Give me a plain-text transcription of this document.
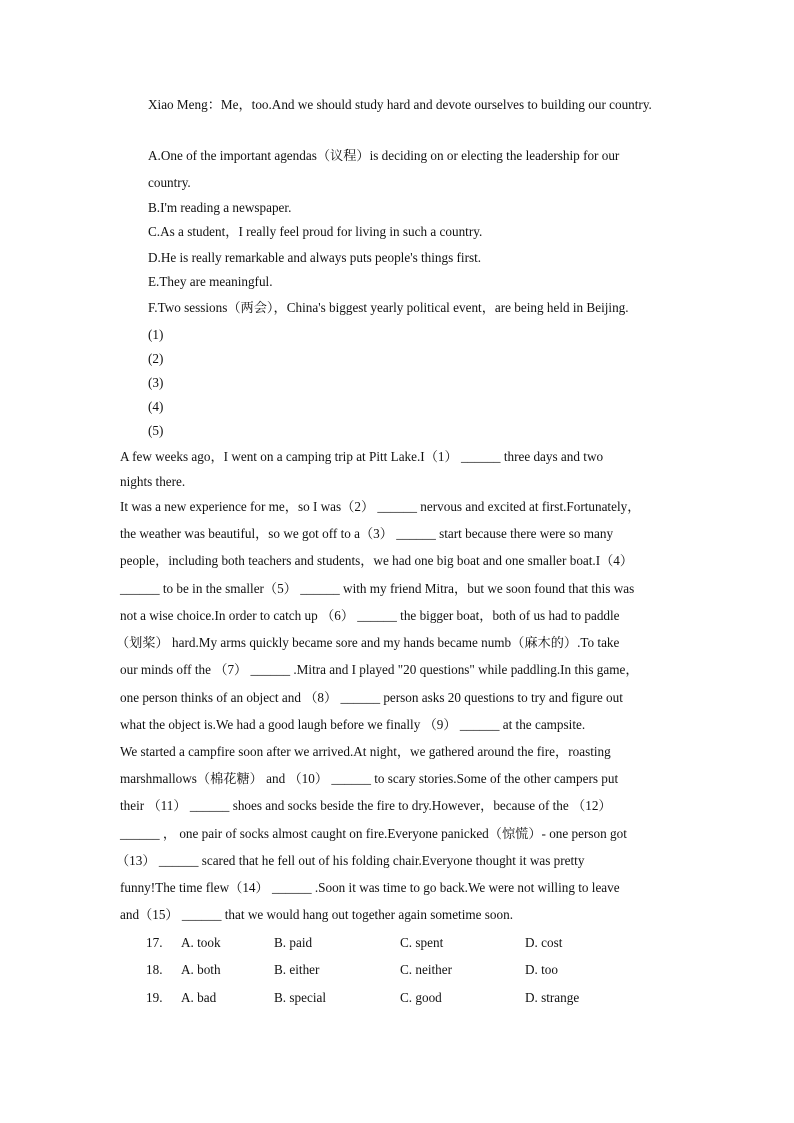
Xiao Meng：Me，too.And we should study hard and devote ourselves to building our country.
A.One of the important agendas（议程）is deciding on or electing the leadership for our
country.
B.I'm reading a newspaper.
C.As a student，I really feel proud for living in such a country.
D.He is really remarkable and always puts people's things first.
E.They are meaningful.
F.Two sessions（两会），China's biggest yearly political event，are being held in Beijing.
(1)
(2)
(3)
(4)
(5)
A few weeks ago，I went on a camping trip at Pitt Lake.I（1） ______ three days and two
nights there.
It was a new experience for me，so I was（2） ______ nervous and excited at first.Fortunately，
the weather was beautiful，so we got off to a（3） ______ start because there were so many
people，including both teachers and students，we had one big boat and one smaller boat.I（4）
______ to be in the smaller（5） ______ with my friend Mitra，but we soon found that this was
not a wise choice.In order to catch up （6） ______ the bigger boat，both of us had to paddle
（划桨） hard.My arms quickly became sore and my hands became numb（麻木的）.To take
our minds off the （7） ______ .Mitra and I played "20 questions" while paddling.In this game，
one person thinks of an object and （8） ______ person asks 20 questions to try and figure out
what the object is.We had a good laugh before we finally （9） ______ at the campsite.
We started a campfire soon after we arrived.At night，we gathered around the fire，roasting
marshmallows（棉花糖） and （10） ______ to scary stories.Some of the other campers put
their （11） ______ shoes and socks beside the fire to dry.However，because of the （12）
______ ， one pair of socks almost caught on fire.Everyone panicked（惊慌）- one person got
（13） ______ scared that he fell out of his folding chair.Everyone thought it was pretty
funny!The time flew（14） ______ .Soon it was time to go back.We were not willing to leave
and（15） ______ that we would hang out together again sometime soon.
17. A. took	B. paid	C. spent	D. cost
18. A. both	B. either	C. neither	D. too
19. A. bad	B. special	C. good	D. strange
